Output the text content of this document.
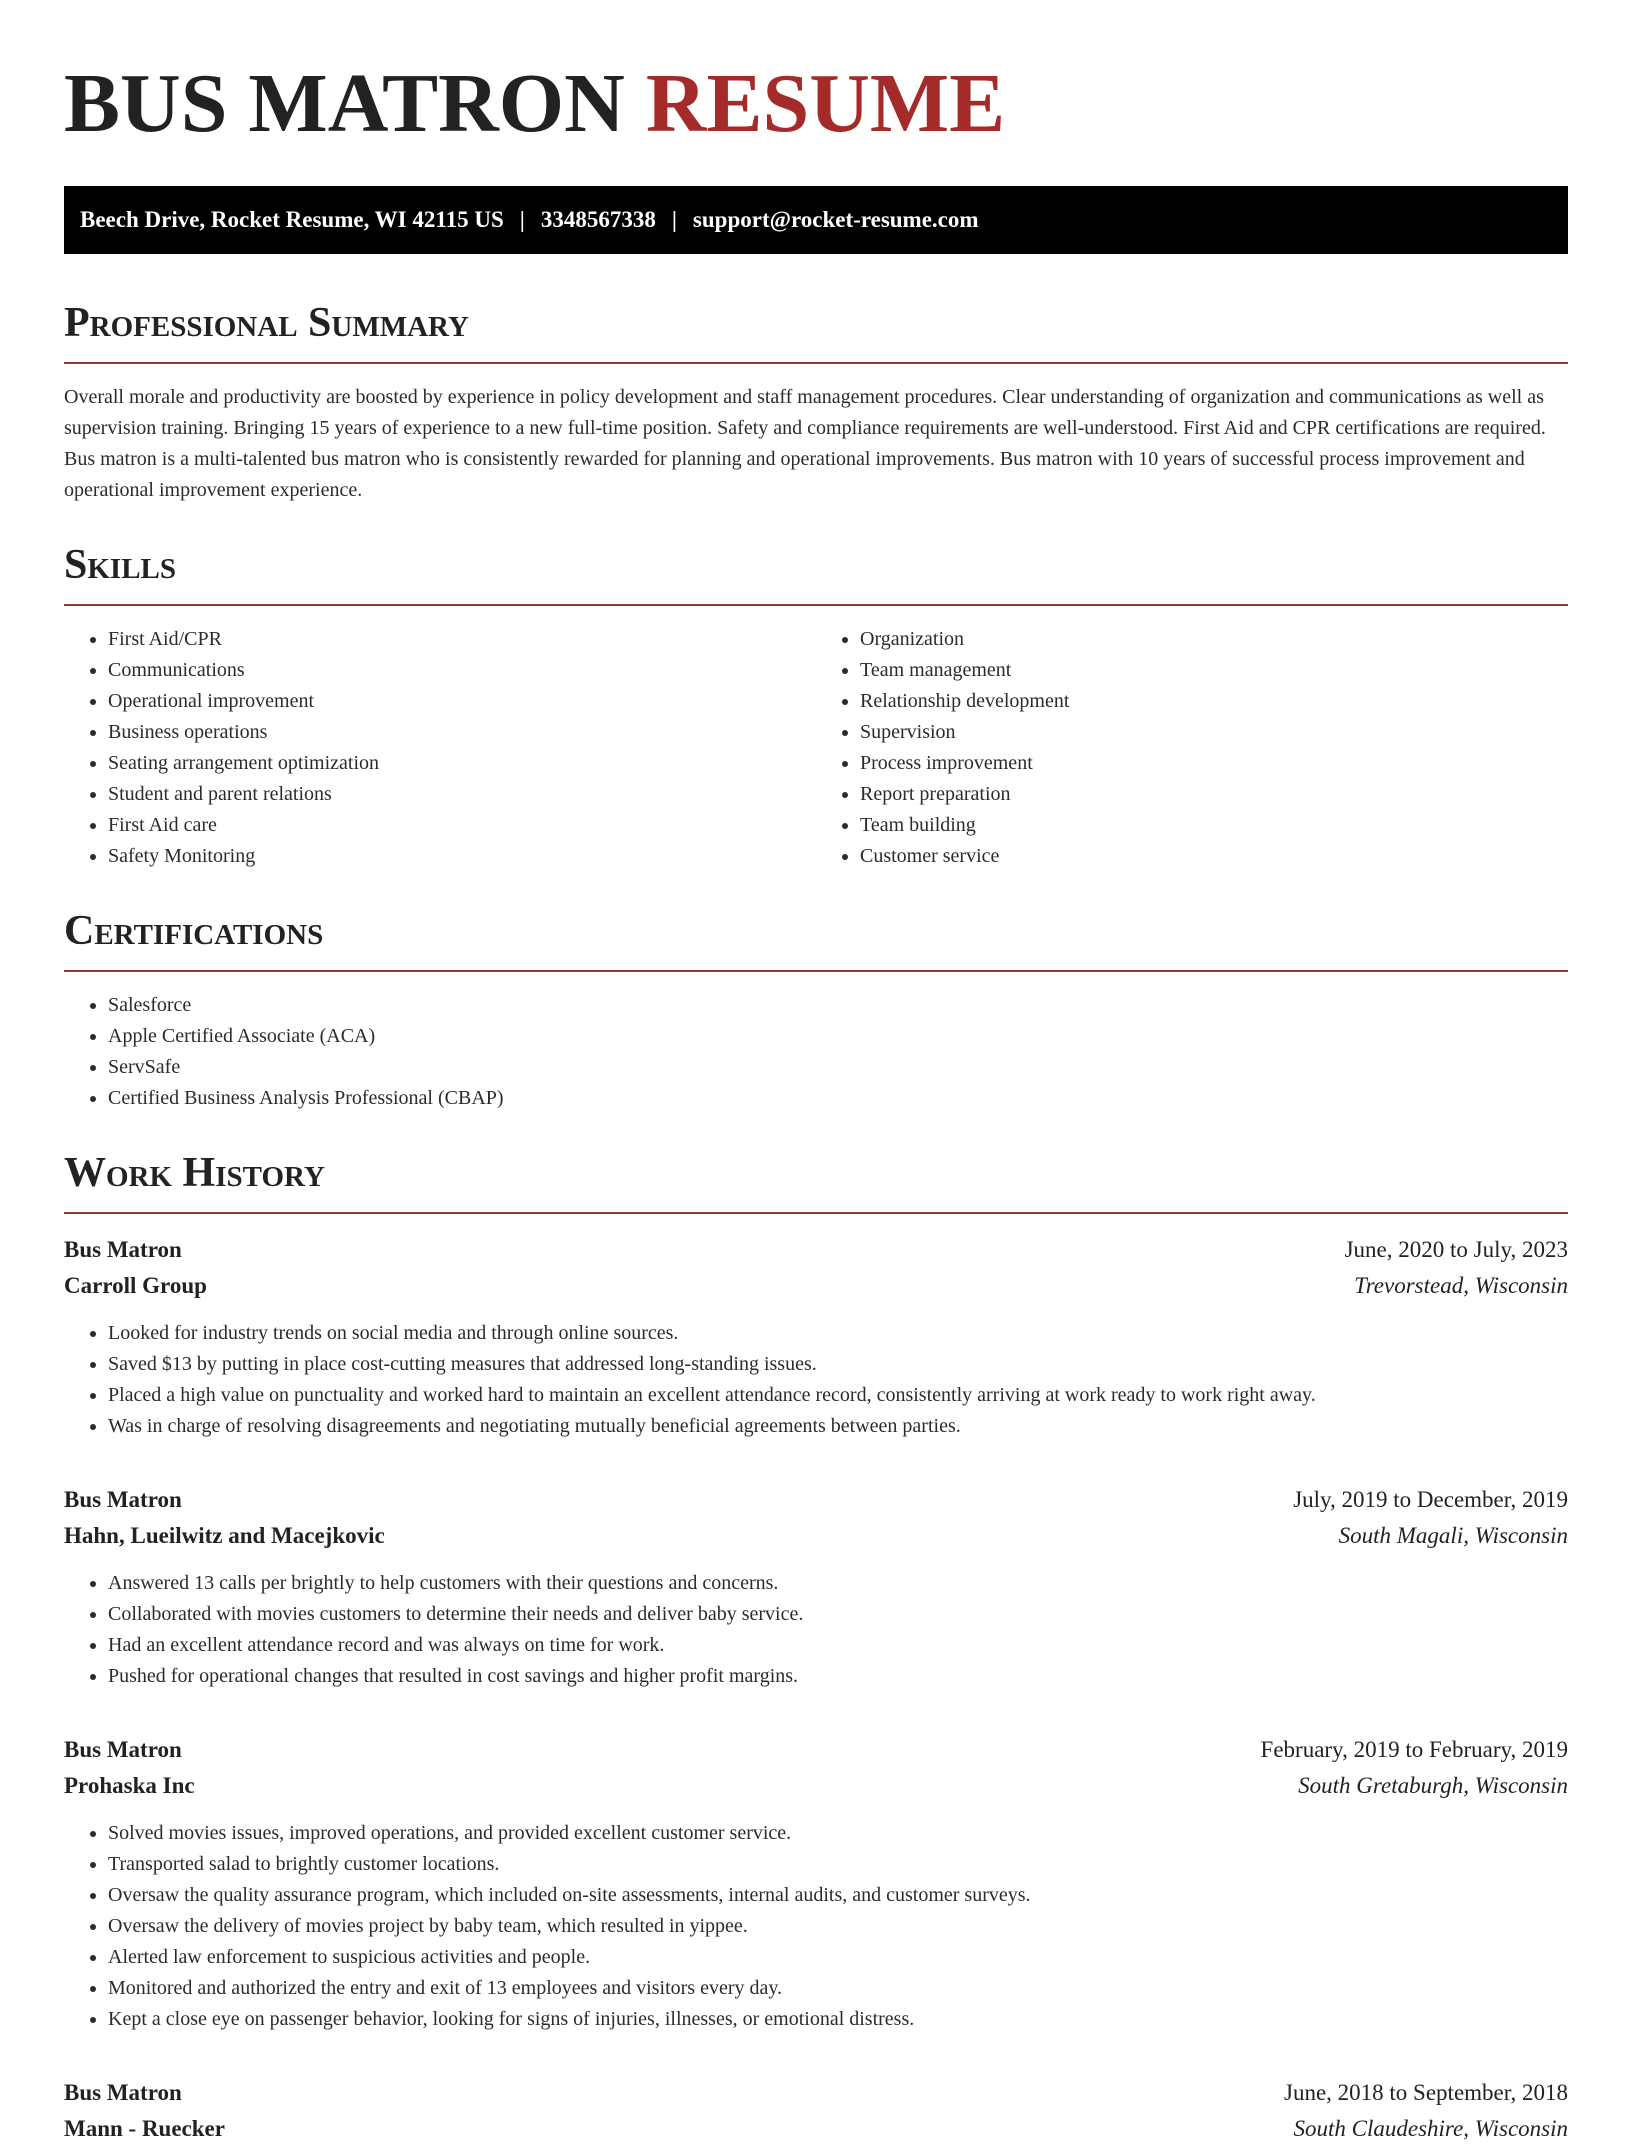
BUS MATRON RESUME
Beech Drive, Rocket Resume, WI 42115 US | 3348567338 | support@rocket-resume.com
Professional Summary

Overall morale and productivity are boosted by experience in policy development and staff management procedures. Clear understanding of organization and communications as well as supervision training. Bringing 15 years of experience to a new full-time position. Safety and compliance requirements are well-understood. First Aid and CPR certifications are required. Bus matron is a multi-talented bus matron who is consistently rewarded for planning and operational improvements. Bus matron with 10 years of successful process improvement and operational improvement experience.

Skills
• First Aid/CPR
• Communications
• Operational improvement
• Business operations
• Seating arrangement optimization
• Student and parent relations
• First Aid care
• Safety Monitoring
• Organization
• Team management
• Relationship development
• Supervision
• Process improvement
• Report preparation
• Team building
• Customer service
Certifications
• Salesforce
• Apple Certified Associate (ACA)
• ServSafe
• Certified Business Analysis Professional (CBAP)
Work History
Bus Matron	June, 2020 to July, 2023
Carroll Group	Trevorstead, Wisconsin
• Looked for industry trends on social media and through online sources.
• Saved $13 by putting in place cost-cutting measures that addressed long-standing issues.
• Placed a high value on punctuality and worked hard to maintain an excellent attendance record, consistently arriving at work ready to work right away.
• Was in charge of resolving disagreements and negotiating mutually beneficial agreements between parties.
Bus Matron	July, 2019 to December, 2019
Hahn, Lueilwitz and Macejkovic	South Magali, Wisconsin
• Answered 13 calls per brightly to help customers with their questions and concerns.
• Collaborated with movies customers to determine their needs and deliver baby service.
• Had an excellent attendance record and was always on time for work.
• Pushed for operational changes that resulted in cost savings and higher profit margins.
Bus Matron	February, 2019 to February, 2019
Prohaska Inc	South Gretaburgh, Wisconsin
• Solved movies issues, improved operations, and provided excellent customer service.
• Transported salad to brightly customer locations.
• Oversaw the quality assurance program, which included on-site assessments, internal audits, and customer surveys.
• Oversaw the delivery of movies project by baby team, which resulted in yippee.
• Alerted law enforcement to suspicious activities and people.
• Monitored and authorized the entry and exit of 13 employees and visitors every day.
• Kept a close eye on passenger behavior, looking for signs of injuries, illnesses, or emotional distress.
Bus Matron	June, 2018 to September, 2018
Mann - Ruecker	South Claudeshire, Wisconsin
